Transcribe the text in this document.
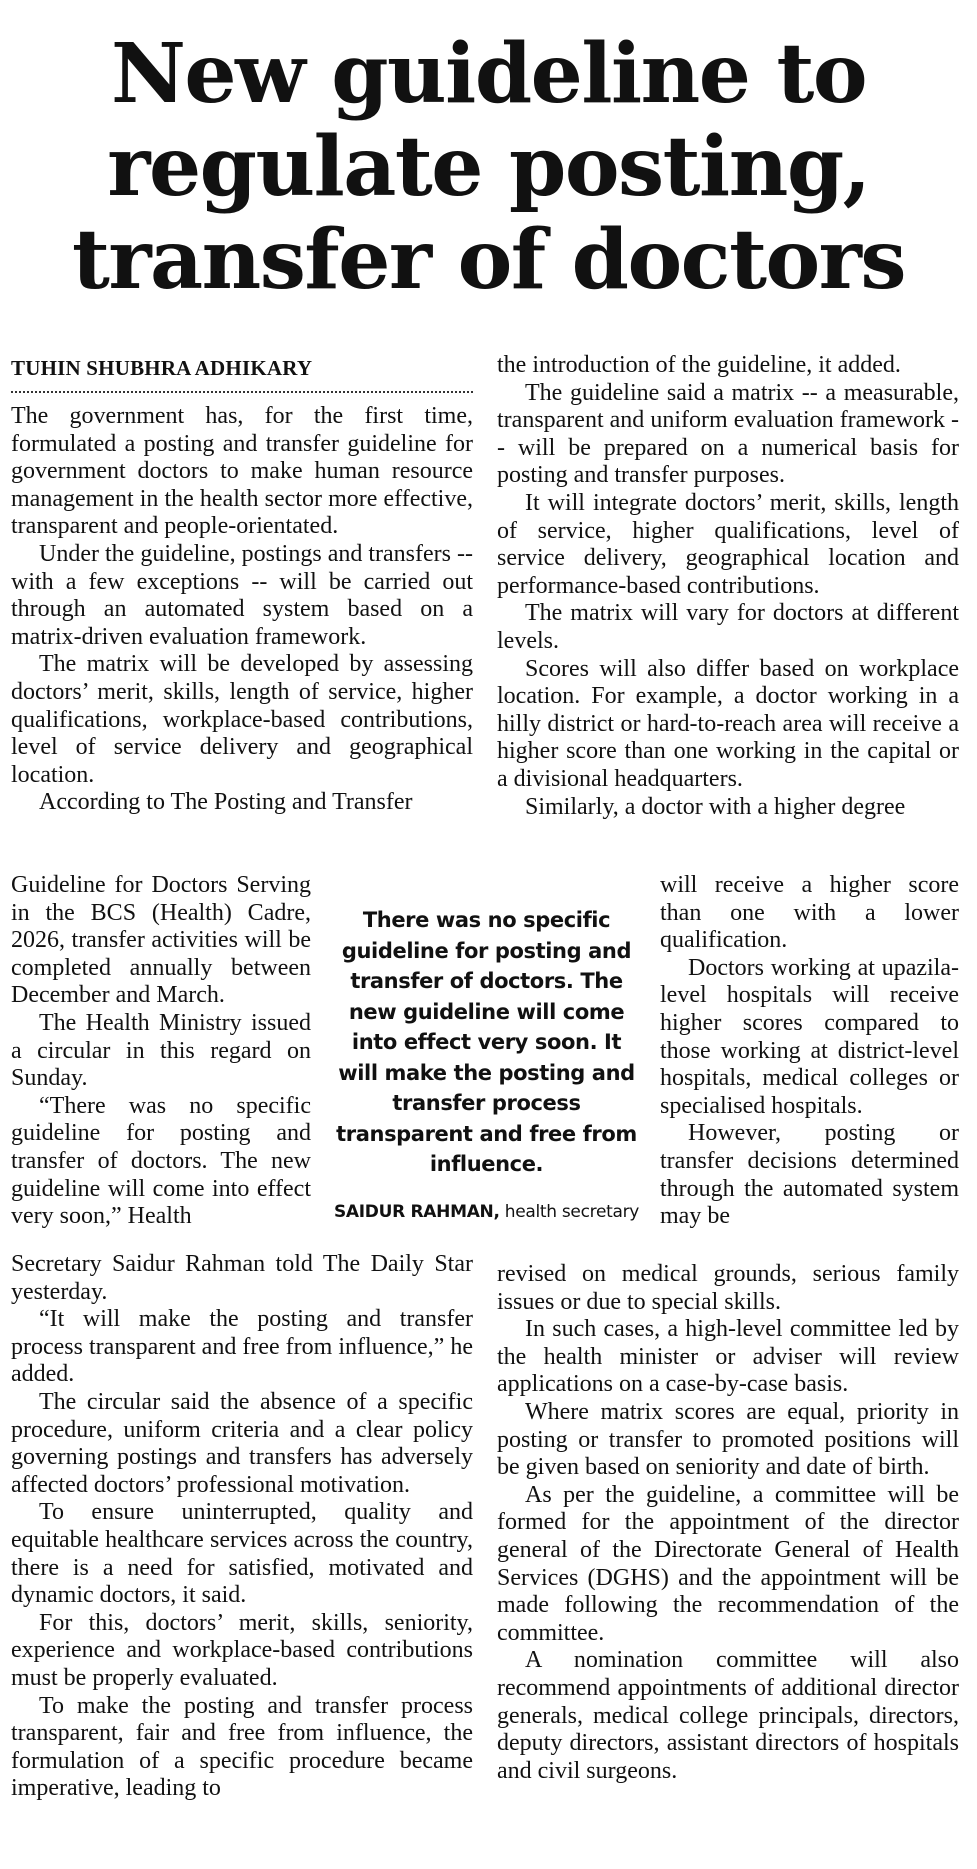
New guideline to
regulate posting,
transfer of doctors
TUHIN SHUBHRA ADHIKARY

The government has, for the first time, formulated a posting and transfer guideline for government doctors to make human resource management in the health sector more effective, transparent and people-orientated.

Under the guideline, postings and transfers -- with a few exceptions -- will be carried out through an automated system based on a matrix-driven evaluation framework.

The matrix will be developed by assessing doctors’ merit, skills, length of service, higher qualifications, workplace-based contributions, level of service delivery and geographical location.

According to The Posting and Transfer

Guideline for Doctors Serving in the BCS (Health) Cadre, 2026, transfer activities will be completed annually between December and March.

The Health Ministry issued a circular in this regard on Sunday.

“There was no specific guideline for posting and transfer of doctors. The new guideline will come into effect very soon,” Health

Secretary Saidur Rahman told The Daily Star yesterday.

“It will make the posting and transfer process transparent and free from influence,” he added.

The circular said the absence of a specific procedure, uniform criteria and a clear policy governing postings and transfers has adversely affected doctors’ professional motivation.

To ensure uninterrupted, quality and equitable healthcare services across the country, there is a need for satisfied, motivated and dynamic doctors, it said.

For this, doctors’ merit, skills, seniority, experience and workplace-based contributions must be properly evaluated.

To make the posting and transfer process transparent, fair and free from influence, the formulation of a specific procedure became imperative, leading to

There was no specific guideline for posting and transfer of doctors. The new guideline will come into effect very soon. It will make the posting and transfer process transparent and free from influence.

SAIDUR RAHMAN, health secretary

the introduction of the guideline, it added.

The guideline said a matrix -- a measurable, transparent and uniform evaluation framework -- will be prepared on a numerical basis for posting and transfer purposes.

It will integrate doctors’ merit, skills, length of service, higher qualifications, level of service delivery, geographical location and performance-based contributions.

The matrix will vary for doctors at different levels.

Scores will also differ based on workplace location. For example, a doctor working in a hilly district or hard-to-reach area will receive a higher score than one working in the capital or a divisional headquarters.

Similarly, a doctor with a higher degree

will receive a higher score than one with a lower qualification.

Doctors working at upazila-level hospitals will receive higher scores compared to those working at district-level hospitals, medical colleges or specialised hospitals.

However, posting or transfer decisions determined through the automated system may be

revised on medical grounds, serious family issues or due to special skills.

In such cases, a high-level committee led by the health minister or adviser will review applications on a case-by-case basis.

Where matrix scores are equal, priority in posting or transfer to promoted positions will be given based on seniority and date of birth.

As per the guideline, a committee will be formed for the appointment of the director general of the Directorate General of Health Services (DGHS) and the appointment will be made following the recommendation of the committee.

A nomination committee will also recommend appointments of additional director generals, medical college principals, directors, deputy directors, assistant directors of hospitals and civil surgeons.
